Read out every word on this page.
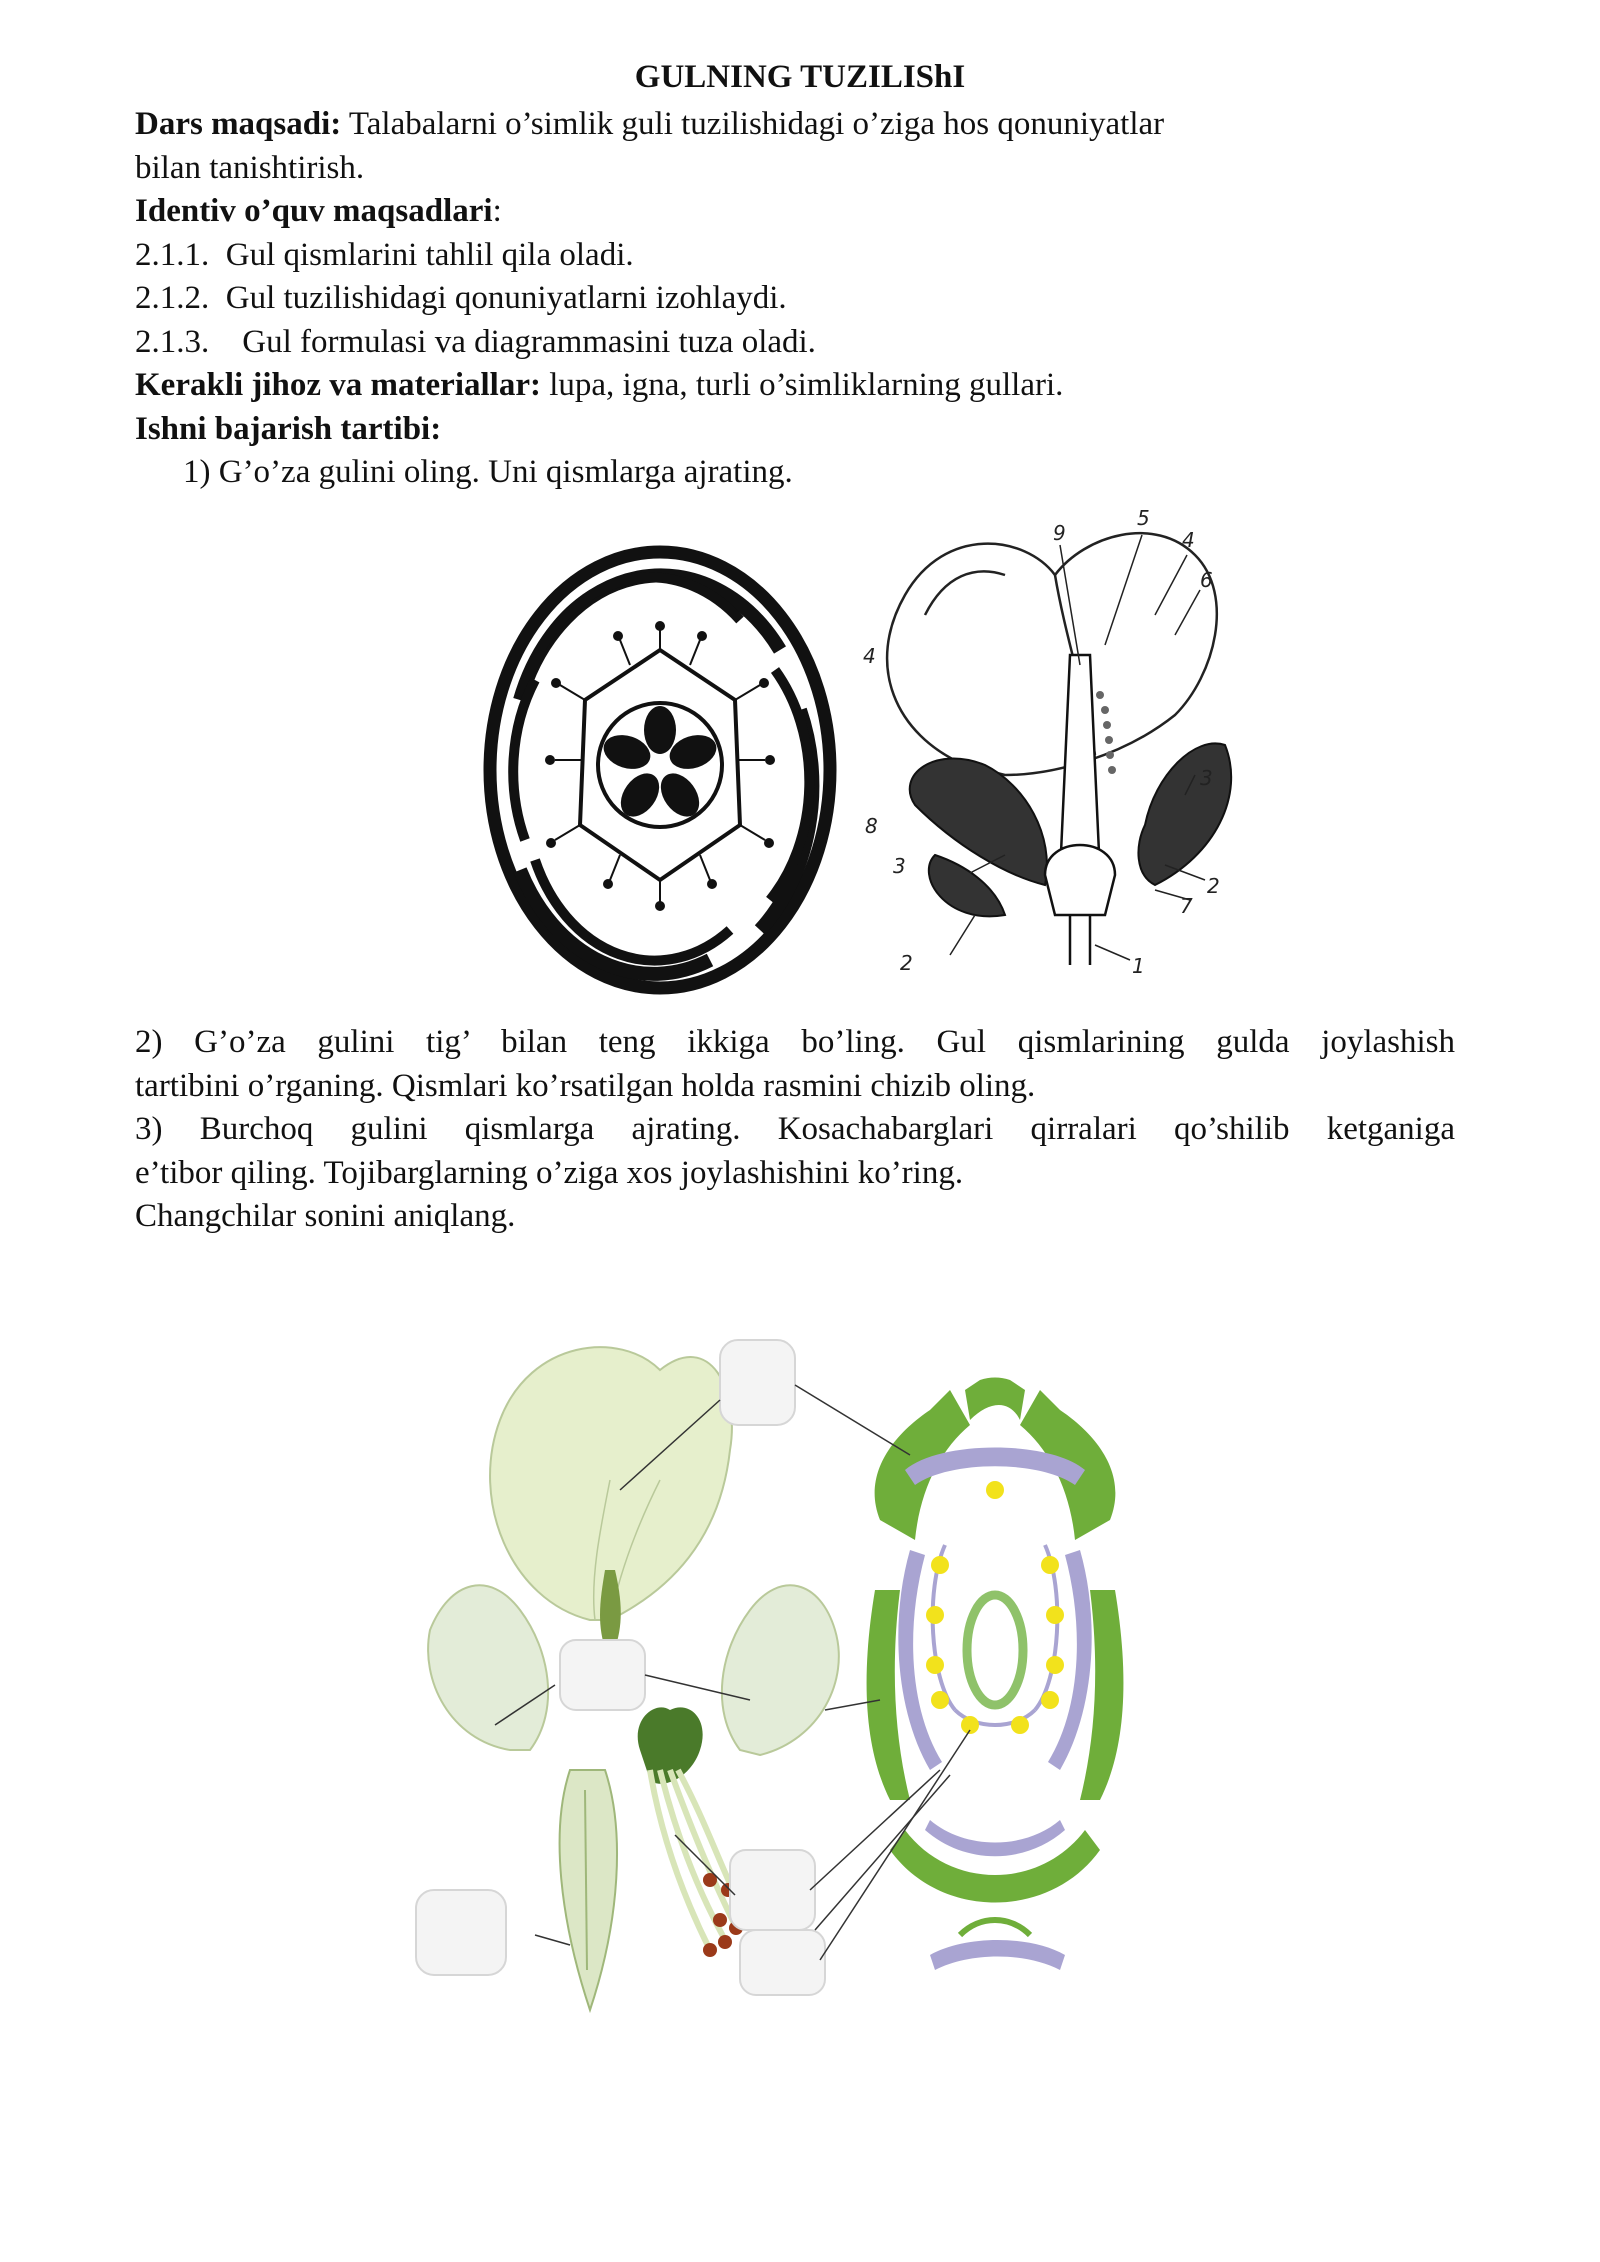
GULNING TUZILIShI
Dars maqsadi: Talabalarni o’simlik guli tuzilishidagi o’ziga hos qonuniyatlar
bilan tanishtirish.
Identiv o’quv maqsadlari:
2.1.1. Gul qismlarini tahlil qila oladi.
2.1.2. Gul tuzilishidagi qonuniyatlarni izohlaydi.
2.1.3. Gul formulasi va diagrammasini tuza oladi.
Kerakli jihoz va materiallar: lupa, igna, turli o’simliklarning gullari.
Ishni bajarish tartibi:
1) G’o’za gulini oling. Uni qismlarga ajrating.
9
5
4
6
4
3
8
3
2
7
2	1
2) G’o’za gulini tig’ bilan teng ikkiga bo’ling. Gul qismlarining gulda joylashish
tartibini o’rganing. Qismlari ko’rsatilgan holda rasmini chizib oling.
3) Burchoq gulini qismlarga ajrating. Kosachabarglari qirralari qo’shilib ketganiga
e’tibor qiling. Tojibarglarning o’ziga xos joylashishini ko’ring.
Changchilar sonini aniqlang.
